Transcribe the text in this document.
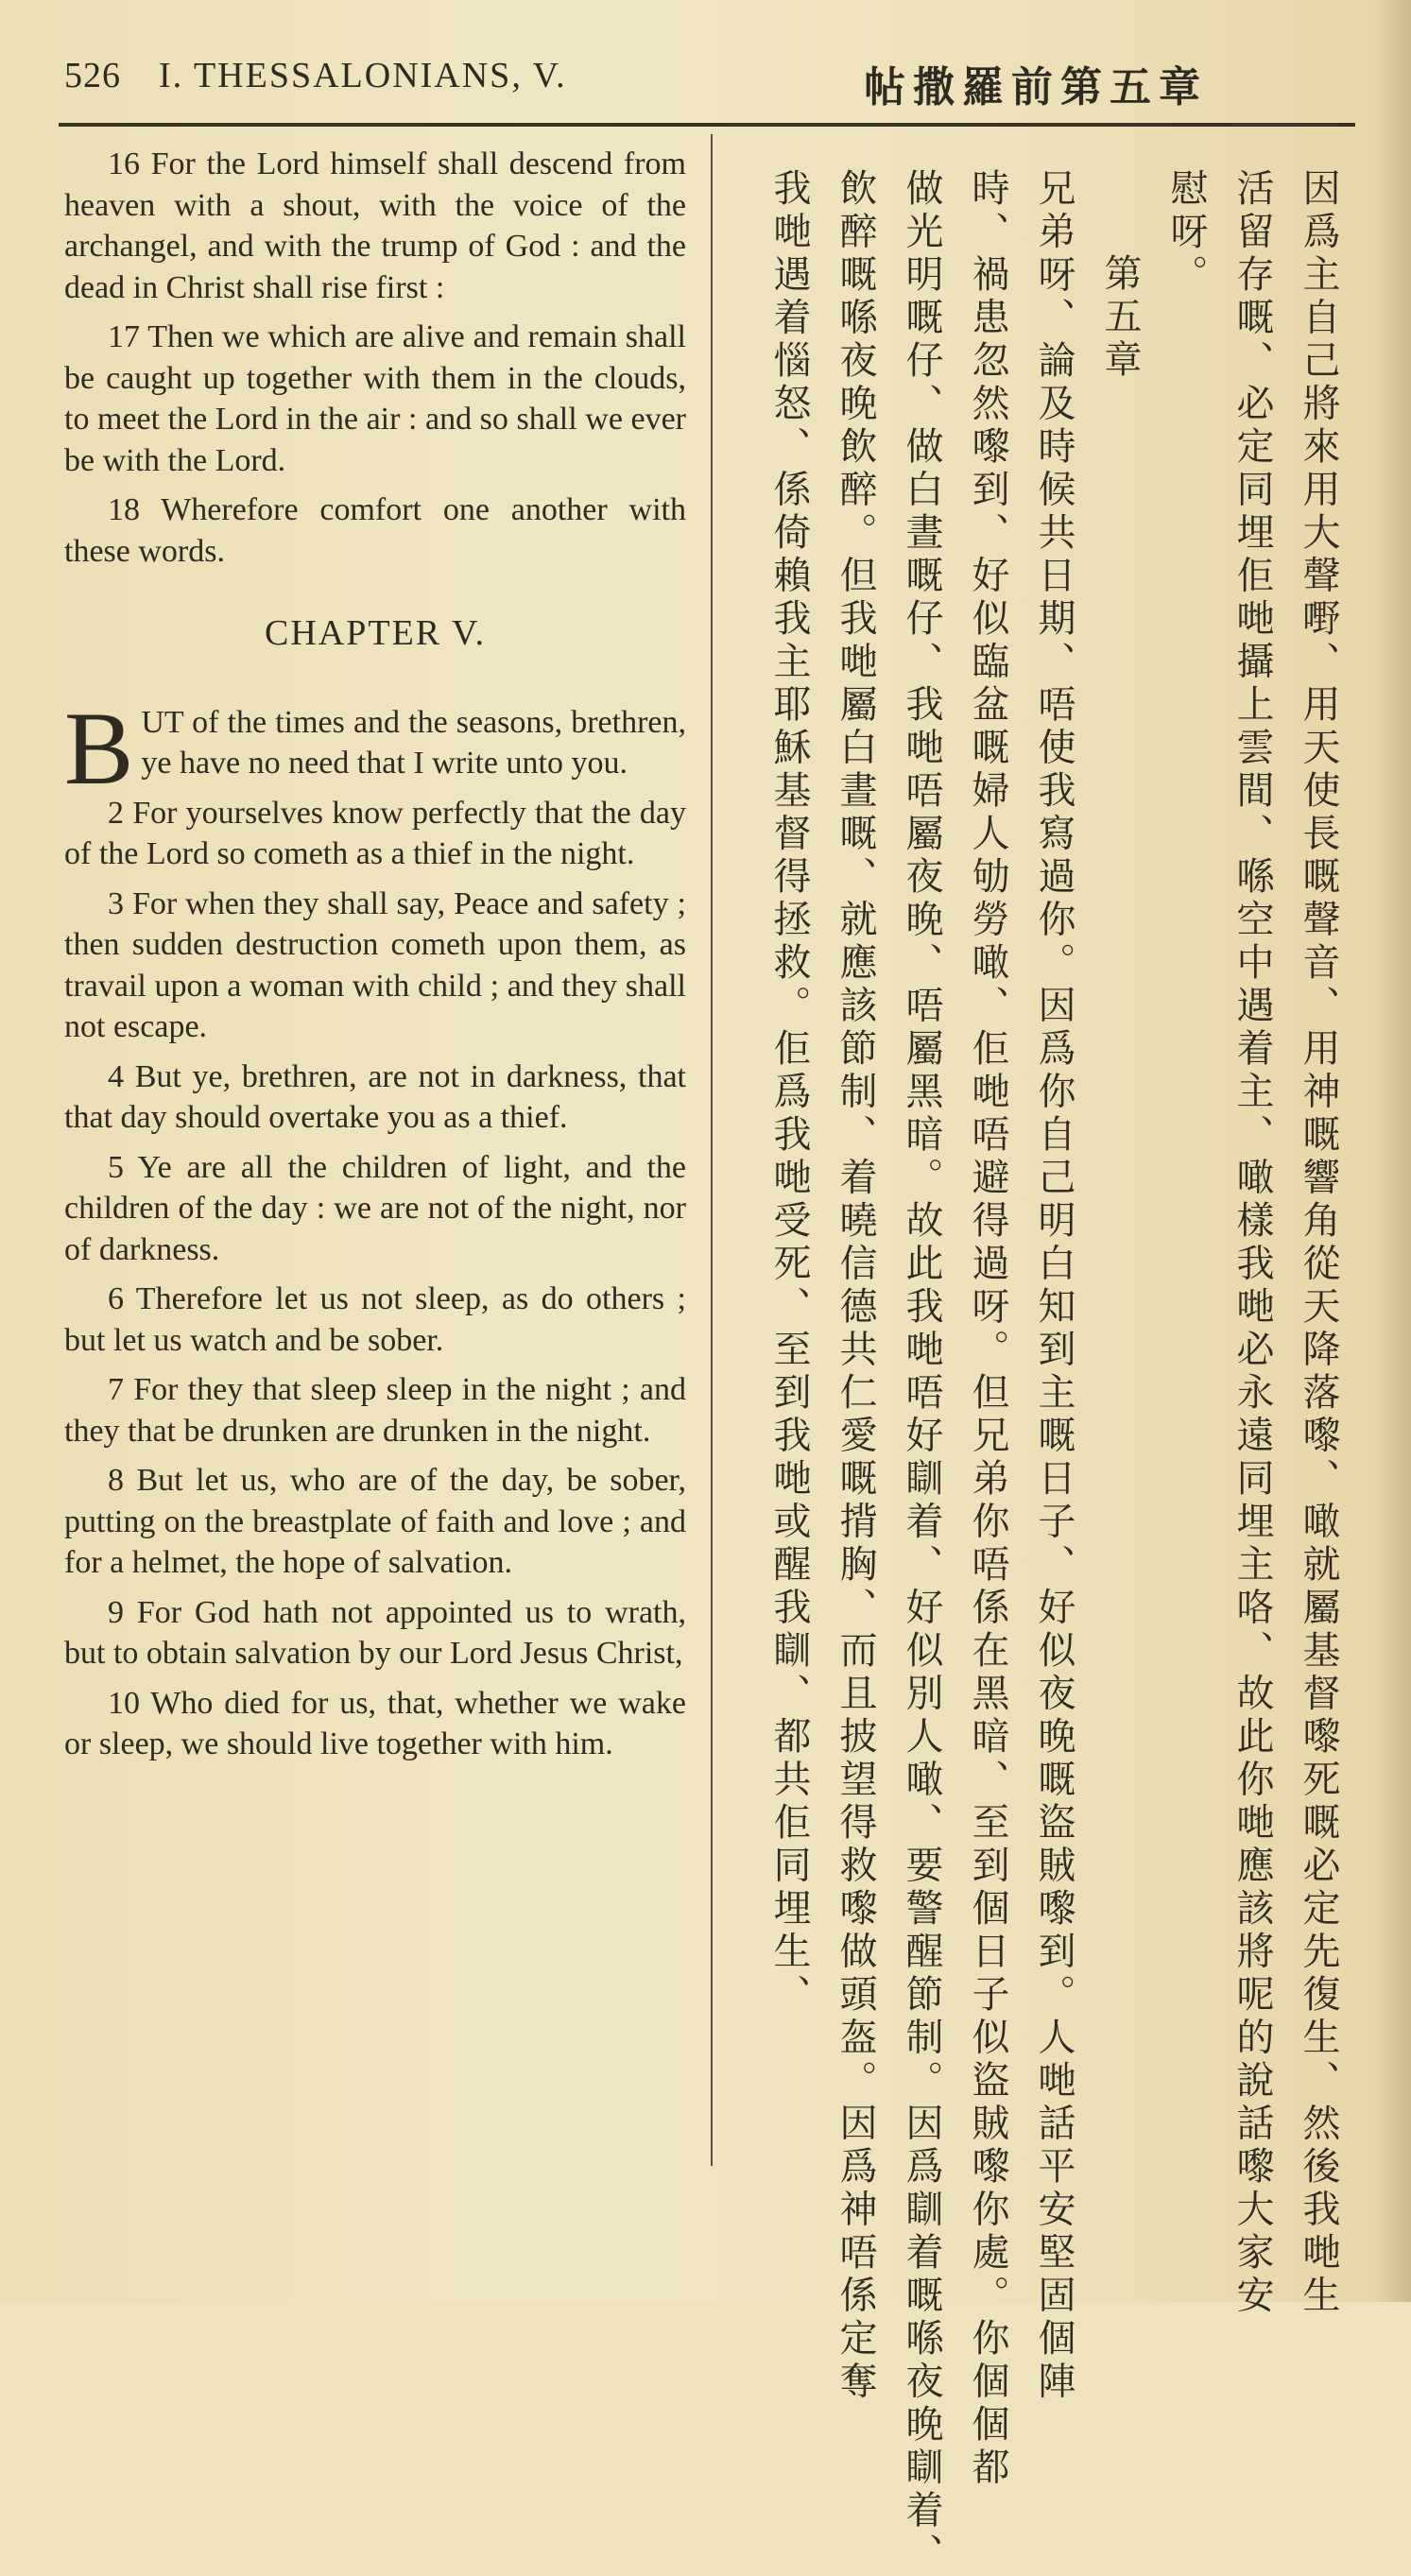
526 I. THESSALONIANS, V.	帖撒羅前第五章

16 For the Lord himself shall descend from heaven with a shout, with the voice of the archangel, and with the trump of God : and the dead in Christ shall rise first :

17 Then we which are alive and remain shall be caught up together with them in the clouds, to meet the Lord in the air : and so shall we ever be with the Lord.

18 Wherefore comfort one another with these words.

CHAPTER V.

BUT of the times and the seasons, brethren, ye have no need that I write unto you.

2 For yourselves know perfectly that the day of the Lord so cometh as a thief in the night.

3 For when they shall say, Peace and safety ; then sudden destruction cometh upon them, as travail upon a woman with child ; and they shall not escape.

4 But ye, brethren, are not in darkness, that that day should overtake you as a thief.

5 Ye are all the children of light, and the children of the day : we are not of the night, nor of darkness.

6 Therefore let us not sleep, as do others ; but let us watch and be sober.

7 For they that sleep sleep in the night ; and they that be drunken are drunken in the night.

8 But let us, who are of the day, be sober, putting on the breastplate of faith and love ; and for a helmet, the hope of salvation.

9 For God hath not appointed us to wrath, but to obtain salvation by our Lord Jesus Christ,

10 Who died for us, that, whether we wake or sleep, we should live together with him.	因爲主自己將來用大聲嘢、用天使長嘅聲音、用神嘅響角從天降落嚟、噉就屬基督嚟死嘅必定先復生、然後我哋生
活留存嘅、必定同埋佢哋攝上雲間、喺空中遇着主、噉樣我哋必永遠同埋主咯、故此你哋應該將呢的說話嚟大家安
慰呀。
第五章
兄弟呀、論及時候共日期、唔使我寫過你。因爲你自己明白知到主嘅日子、好似夜晚嘅盜賊嚟到。人哋話平安堅固個陣
時、禍患忽然嚟到、好似臨盆嘅婦人劬勞噉、佢哋唔避得過呀。但兄弟你唔係在黑暗、至到個日子似盜賊嚟你處。你個個都
做光明嘅仔、做白晝嘅仔、我哋唔屬夜晚、唔屬黑暗。故此我哋唔好瞓着、好似別人噉、要警醒節制。因爲瞓着嘅喺夜晚瞓着、
飲醉嘅喺夜晚飲醉。但我哋屬白晝嘅、就應該節制、着曉信德共仁愛嘅揹胸、而且披望得救嚟做頭盔。因爲神唔係定奪
我哋遇着惱怒、係倚賴我主耶穌基督得拯救。佢爲我哋受死、至到我哋或醒我瞓、都共佢同埋生、
